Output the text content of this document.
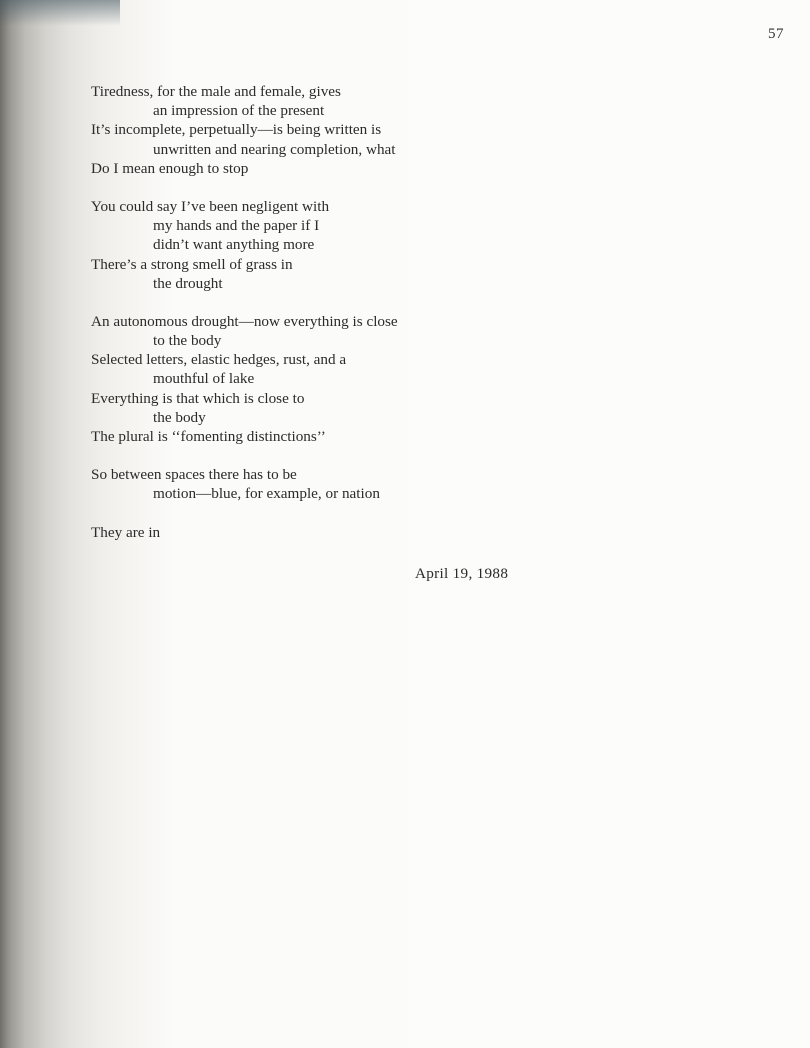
57
Tiredness, for the male and female, gives
an impression of the present
It’s incomplete, perpetually—is being written is
unwritten and nearing completion, what
Do I mean enough to stop
You could say I’ve been negligent with
my hands and the paper if I
didn’t want anything more
There’s a strong smell of grass in
the drought
An autonomous drought—now everything is close
to the body
Selected letters, elastic hedges, rust, and a
mouthful of lake
Everything is that which is close to
the body
The plural is ‘‘fomenting distinctions’’
So between spaces there has to be
motion—blue, for example, or nation
They are in
April 19, 1988
